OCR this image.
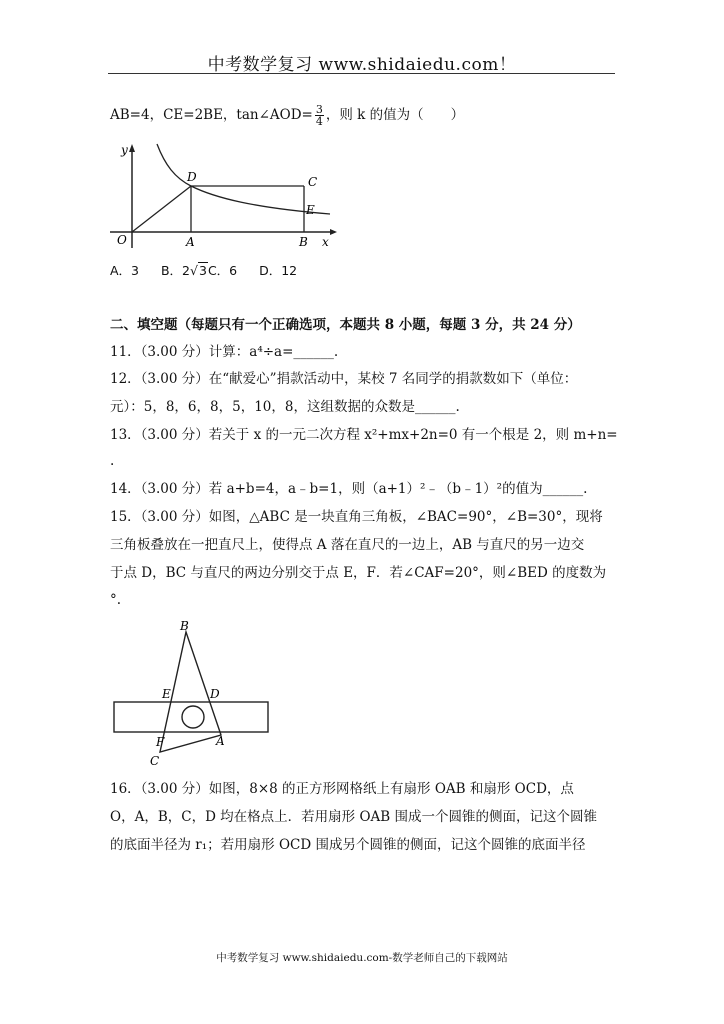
中考数学复习 www.shidaiedu.com！
AB=4，CE=2BE，tan∠AOD= $\frac{3}{4}$ ，则 k 的值为（　　）
y
x
O	A	B
C
D
E
A．3 B．2√3C．6 D．12
二、填空题（每题只有一个正确选项，本题共 8 小题，每题 3 分，共 24 分）
11．（3.00 分）计算：a⁴÷a=______.
12．（3.00 分）在“献爱心”捐款活动中，某校 7 名同学的捐款数如下（单位：
元）：5，8，6，8，5，10，8，这组数据的众数是______.
13．（3.00 分）若关于 x 的一元二次方程 x²+mx+2n=0 有一个根是 2，则 m+n=
.
14．（3.00 分）若 a+b=4，a﹣b=1，则（a+1）²﹣（b﹣1）²的值为______.
15．（3.00 分）如图，△ABC 是一块直角三角板，∠BAC=90°，∠B=30°，现将
三角板叠放在一把直尺上，使得点 A 落在直尺的一边上，AB 与直尺的另一边交
于点 D，BC 与直尺的两边分别交于点 E，F．若∠CAF=20°，则∠BED 的度数为
°.
B
E	D
F	A
C
16．（3.00 分）如图，8×8 的正方形网格纸上有扇形 OAB 和扇形 OCD，点
O，A，B，C，D 均在格点上．若用扇形 OAB 围成一个圆锥的侧面，记这个圆锥
的底面半径为 r₁；若用扇形 OCD 围成另个圆锥的侧面，记这个圆锥的底面半径
中考数学复习 www.shidaiedu.com-数学老师自己的下载网站
